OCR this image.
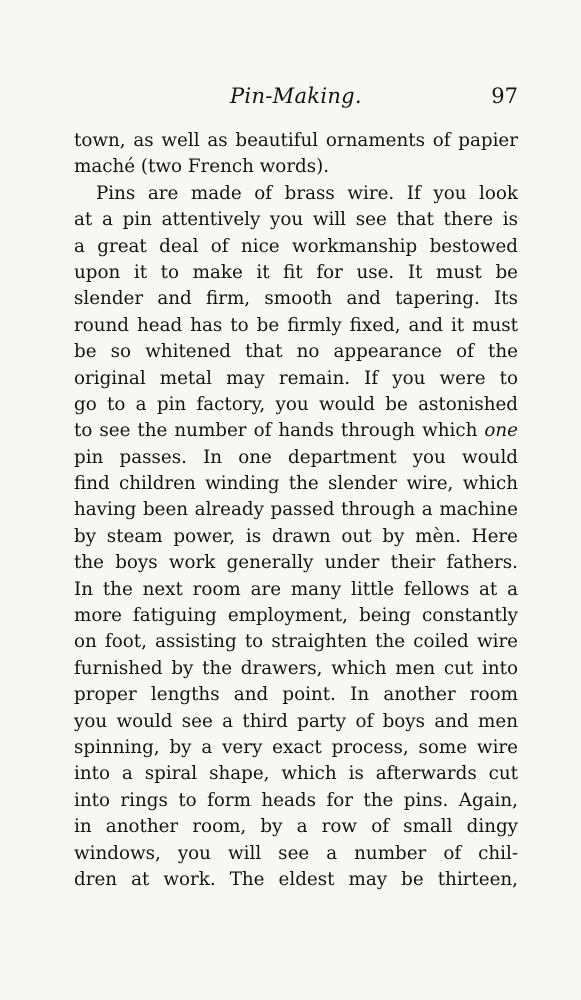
Pin-Making.	97
town, as well as beautiful ornaments of papier
maché (two French words).
Pins are made of brass wire. If you look
at a pin attentively you will see that there is
a great deal of nice workmanship bestowed
upon it to make it fit for use. It must be
slender and firm, smooth and tapering. Its
round head has to be firmly fixed, and it must
be so whitened that no appearance of the
original metal may remain. If you were to
go to a pin factory, you would be astonished
to see the number of hands through which one
pin passes. In one department you would
find children winding the slender wire, which
having been already passed through a machine
by steam power, is drawn out by mèn. Here
the boys work generally under their fathers.
In the next room are many little fellows at a
more fatiguing employment, being constantly
on foot, assisting to straighten the coiled wire
furnished by the drawers, which men cut into
proper lengths and point. In another room
you would see a third party of boys and men
spinning, by a very exact process, some wire
into a spiral shape, which is afterwards cut
into rings to form heads for the pins. Again,
in another room, by a row of small dingy
windows, you will see a number of chil-
dren at work. The eldest may be thirteen,
